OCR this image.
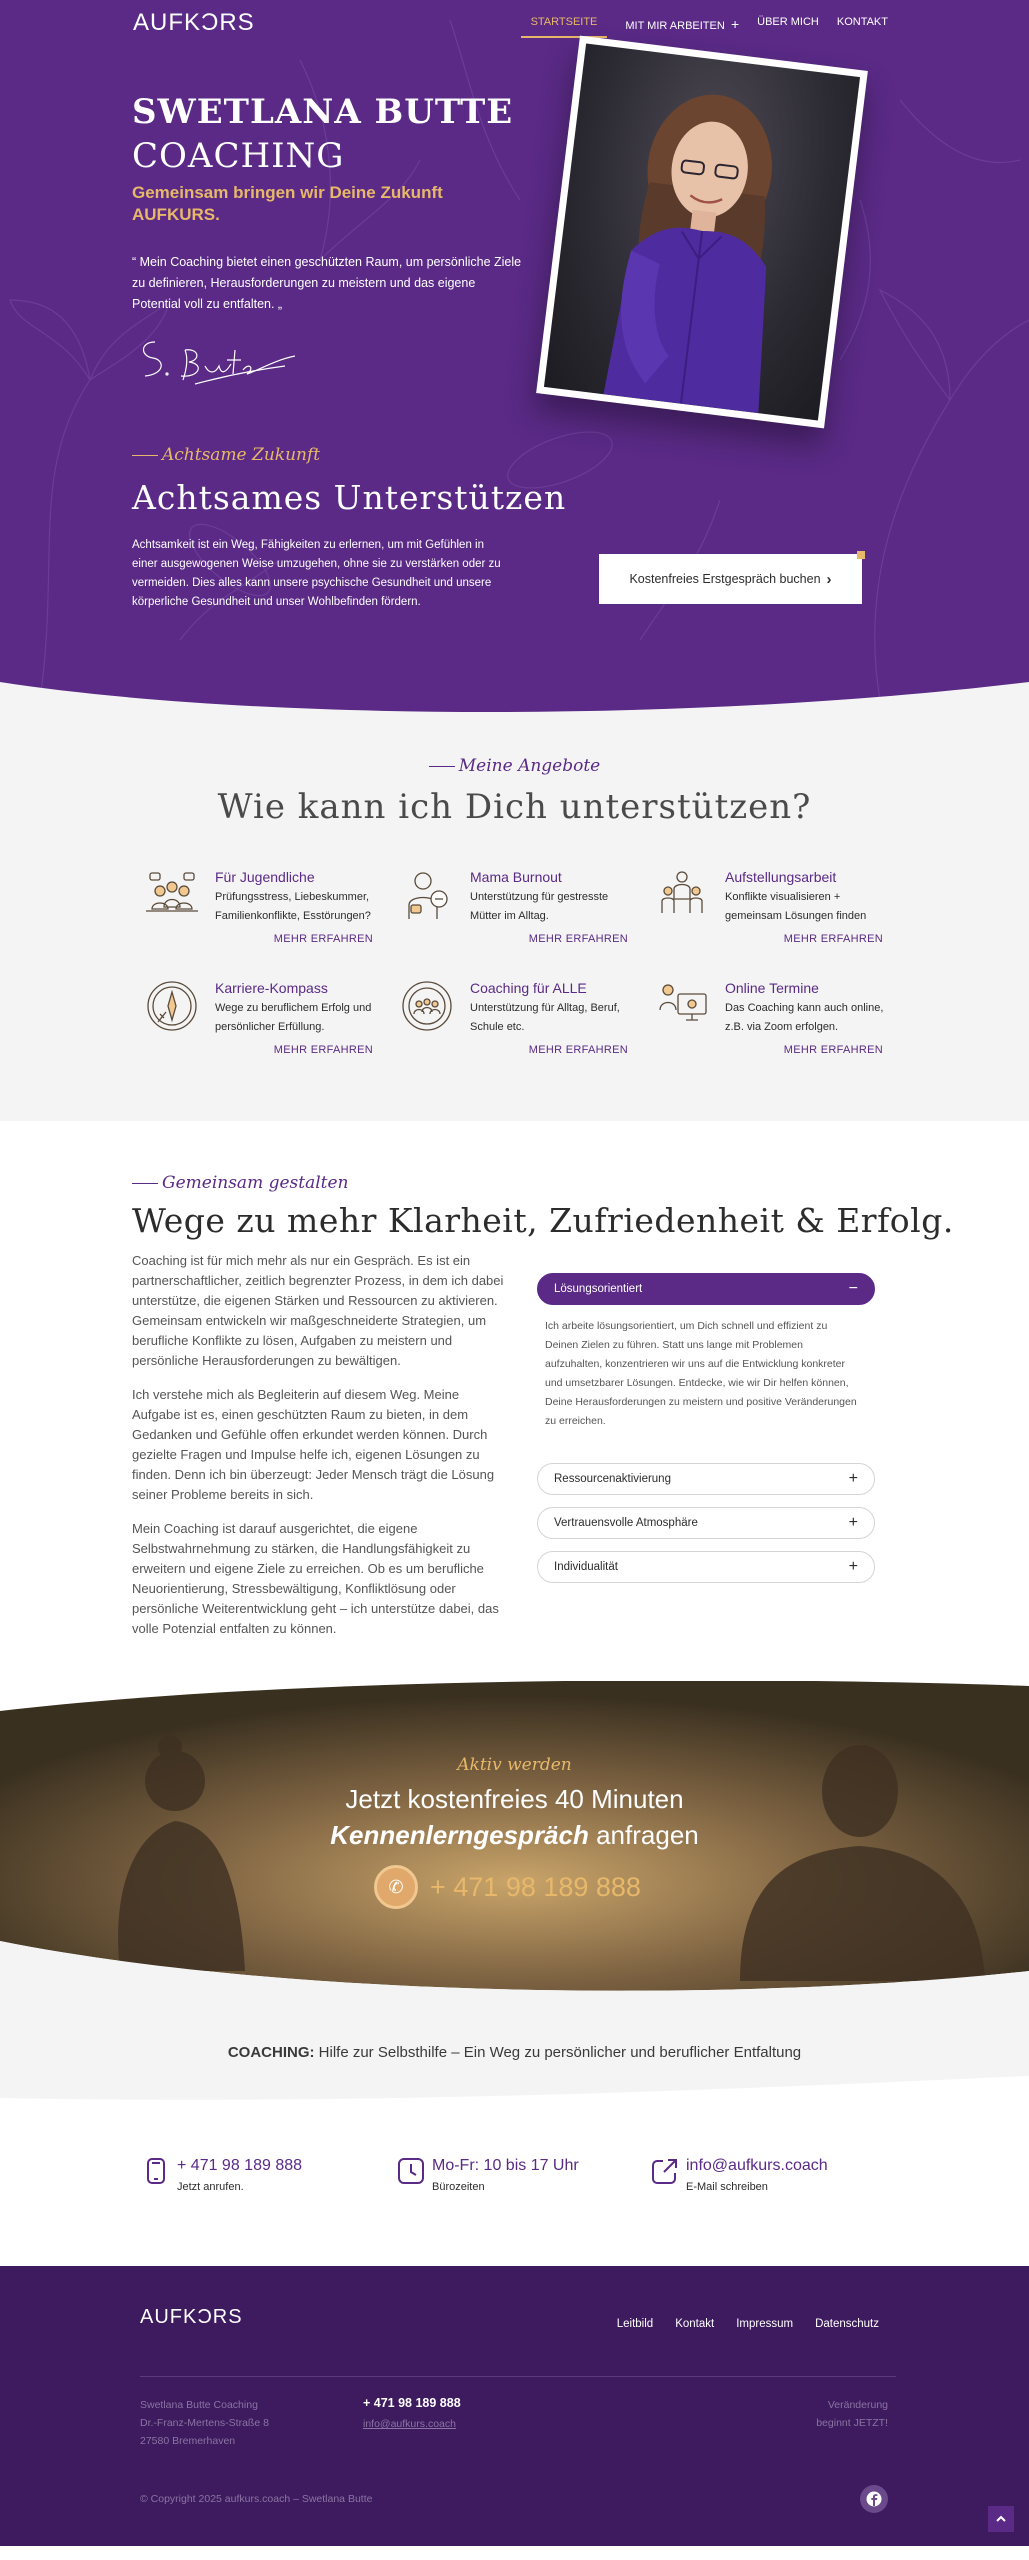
AUFKƆRS	STARTSEITE	MIT MIR ARBEITEN + ÜBER MICH KONTAKT
SWETLANA BUTTE
COACHING
Gemeinsam bringen wir Deine Zukunft AUFKURS.
“ Mein Coaching bietet einen geschützten Raum, um persönliche Ziele zu definieren, Herausforderungen zu meistern und das eigene Potential voll zu entfalten. „
Achtsame Zukunft
Achtsames Unterstützen
Achtsamkeit ist ein Weg, Fähigkeiten zu erlernen, um mit Gefühlen in einer ausgewogenen Weise umzugehen, ohne sie zu verstärken oder zu vermeiden. Dies alles kann unsere psychische Gesundheit und unsere körperliche Gesundheit und unser Wohlbefinden fördern.
Kostenfreies Erstgespräch buchen ›
Meine Angebote
Wie kann ich Dich unterstützen?
Für Jugendliche
Prüfungsstress, Liebeskummer, Familienkonflikte, Esstörungen?
MEHR ERFAHREN
Mama Burnout
Unterstützung für gestresste Mütter im Alltag.
MEHR ERFAHREN
Aufstellungsarbeit
Konflikte visualisieren + gemeinsam Lösungen finden
MEHR ERFAHREN
Karriere-Kompass
Wege zu beruflichem Erfolg und persönlicher Erfüllung.
MEHR ERFAHREN
Coaching für ALLE
Unterstützung für Alltag, Beruf, Schule etc.
MEHR ERFAHREN
Online Termine
Das Coaching kann auch online, z.B. via Zoom erfolgen.
MEHR ERFAHREN
Gemeinsam gestalten
Wege zu mehr Klarheit, Zufriedenheit & Erfolg.

Coaching ist für mich mehr als nur ein Gespräch. Es ist ein partnerschaftlicher, zeitlich begrenzter Prozess, in dem ich dabei unterstütze, die eigenen Stärken und Ressourcen zu aktivieren. Gemeinsam entwickeln wir maßgeschneiderte Strategien, um berufliche Konflikte zu lösen, Aufgaben zu meistern und persönliche Herausforderungen zu bewältigen.

Ich verstehe mich als Begleiterin auf diesem Weg. Meine Aufgabe ist es, einen geschützten Raum zu bieten, in dem Gedanken und Gefühle offen erkundet werden können. Durch gezielte Fragen und Impulse helfe ich, eigenen Lösungen zu finden. Denn ich bin überzeugt: Jeder Mensch trägt die Lösung seiner Probleme bereits in sich.

Mein Coaching ist darauf ausgerichtet, die eigene Selbstwahrnehmung zu stärken, die Handlungsfähigkeit zu erweitern und eigene Ziele zu erreichen. Ob es um berufliche Neuorientierung, Stressbewältigung, Konfliktlösung oder persönliche Weiterentwicklung geht – ich unterstütze dabei, das volle Potenzial entfalten zu können.

Lösungsorientiert	−
Ich arbeite lösungsorientiert, um Dich schnell und effizient zu Deinen Zielen zu führen. Statt uns lange mit Problemen aufzuhalten, konzentrieren wir uns auf die Entwicklung konkreter und umsetzbarer Lösungen. Entdecke, wie wir Dir helfen können, Deine Herausforderungen zu meistern und positive Veränderungen zu erreichen.
Ressourcenaktivierung	+
Vertrauensvolle Atmosphäre	+
Individualität	+
Aktiv werden
Jetzt kostenfreies 40 Minuten
Kennenlerngespräch anfragen
✆ + 471 98 189 888
COACHING: Hilfe zur Selbsthilfe – Ein Weg zu persönlicher und beruflicher Entfaltung
+ 471 98 189 888
Jetzt anrufen.
Mo-Fr: 10 bis 17 Uhr
Bürozeiten
info@aufkurs.coach
E-Mail schreiben
AUFKƆRS	Leitbild Kontakt Impressum Datenschutz
Swetlana Butte Coaching
Dr.-Franz-Mertens-Straße 8
27580 Bremerhaven
+ 471 98 189 888
info@aufkurs.coach
Veränderung
beginnt JETZT!
© Copyright 2025 aufkurs.coach – Swetlana Butte
